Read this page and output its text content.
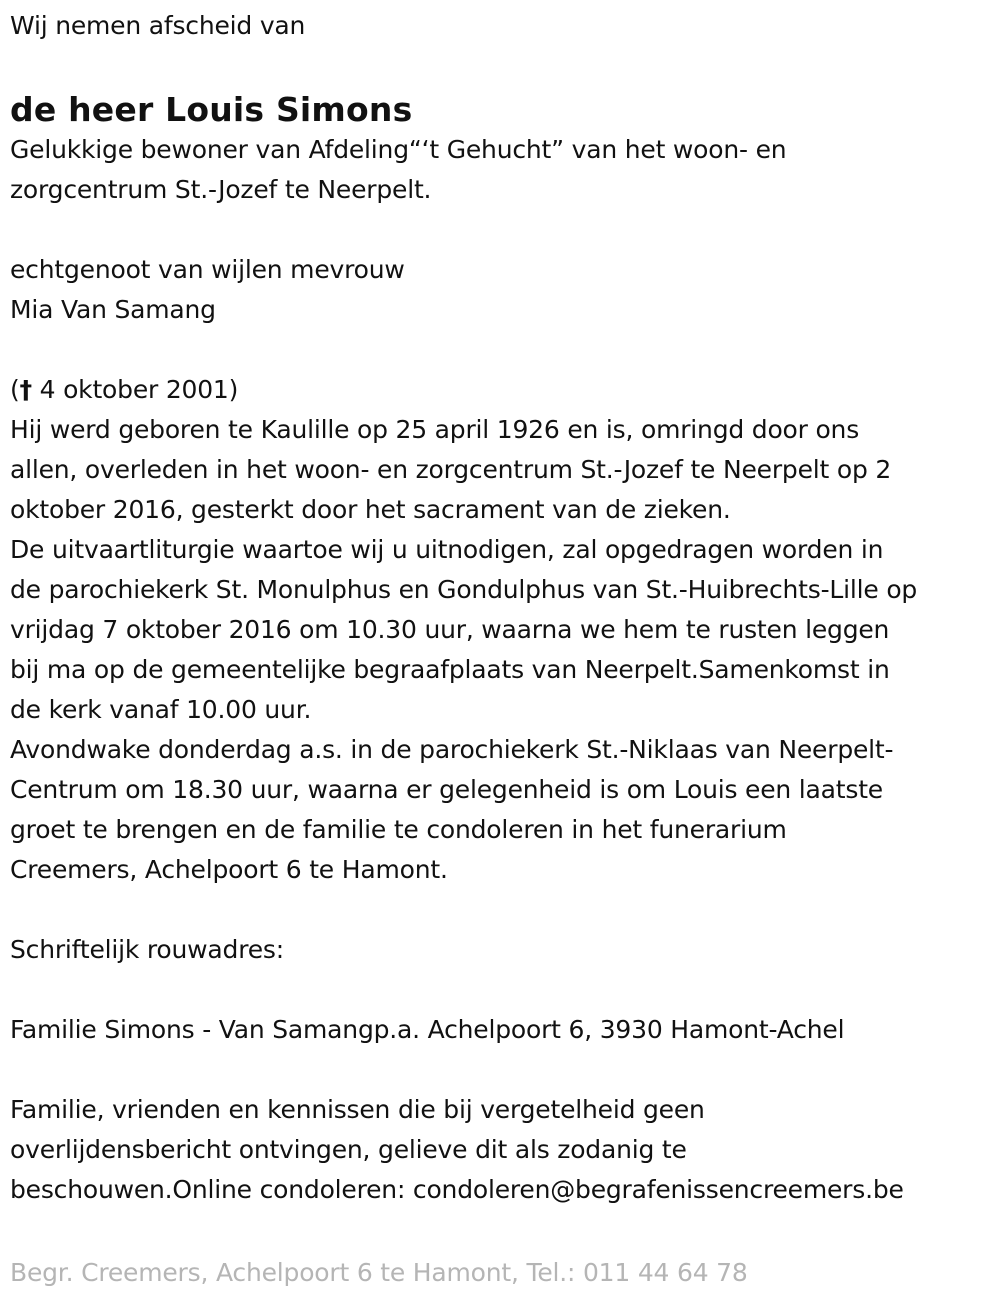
Wij nemen afscheid van
de heer Louis Simons
Gelukkige bewoner van Afdeling“‘t Gehucht” van het woon- en
zorgcentrum St.-Jozef te Neerpelt.
echtgenoot van wijlen mevrouw
Mia Van Samang
(† 4 oktober 2001)
Hij werd geboren te Kaulille op 25 april 1926 en is, omringd door ons
allen, overleden in het woon- en zorgcentrum St.-Jozef te Neerpelt op 2
oktober 2016, gesterkt door het sacrament van de zieken.
De uitvaartliturgie waartoe wij u uitnodigen, zal opgedragen worden in
de parochiekerk St. Monulphus en Gondulphus van St.-Huibrechts-Lille op
vrijdag 7 oktober 2016 om 10.30 uur, waarna we hem te rusten leggen
bij ma op de gemeentelijke begraafplaats van Neerpelt.Samenkomst in
de kerk vanaf 10.00 uur.
Avondwake donderdag a.s. in de parochiekerk St.-Niklaas van Neerpelt-
Centrum om 18.30 uur, waarna er gelegenheid is om Louis een laatste
groet te brengen en de familie te condoleren in het funerarium
Creemers, Achelpoort 6 te Hamont.
Schriftelijk rouwadres:
Familie Simons - Van Samangp.a. Achelpoort 6, 3930 Hamont-Achel
Familie, vrienden en kennissen die bij vergetelheid geen
overlijdensbericht ontvingen, gelieve dit als zodanig te
beschouwen.Online condoleren: condoleren@begrafenissencreemers.be
Begr. Creemers, Achelpoort 6 te Hamont, Tel.: 011 44 64 78
